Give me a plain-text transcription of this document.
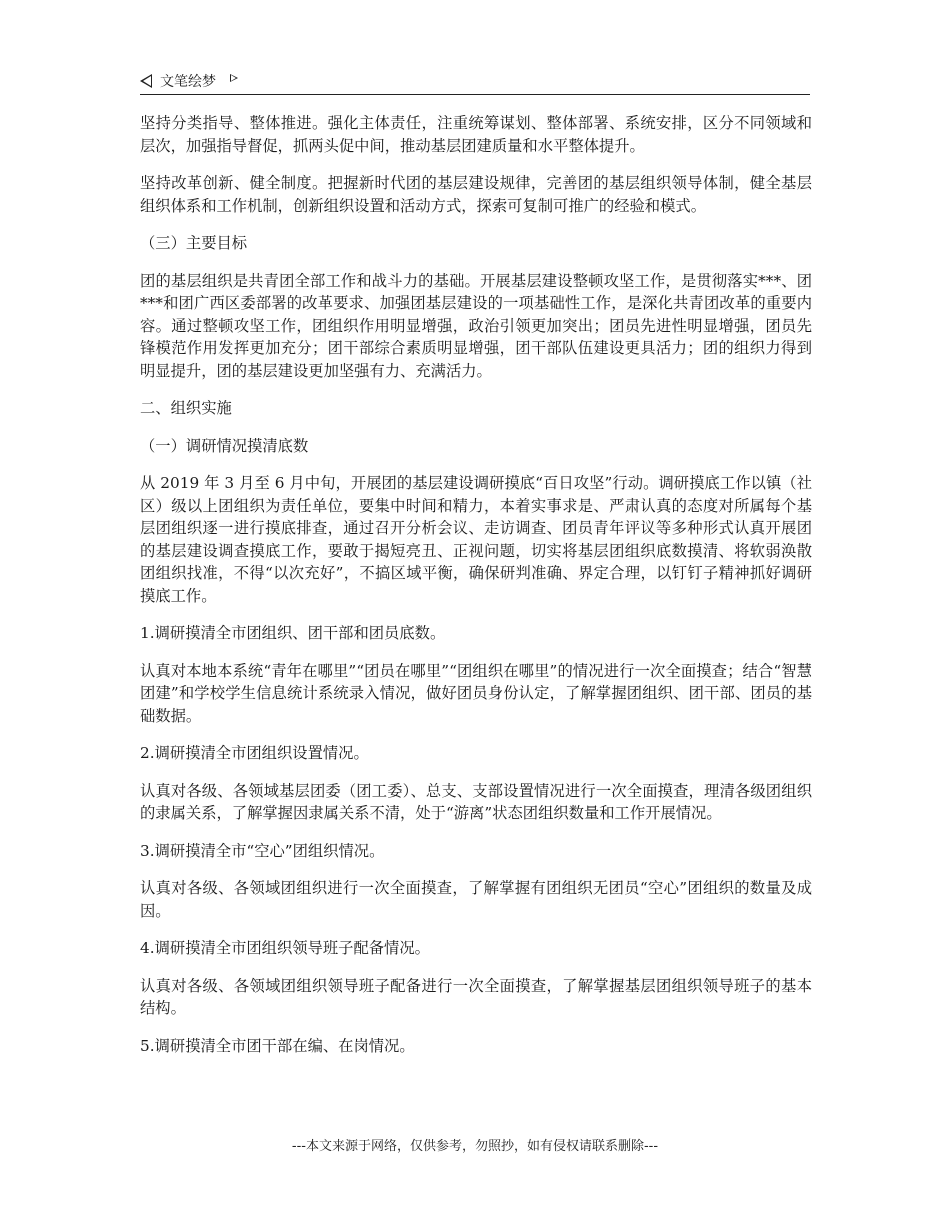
文笔绘梦

坚持分类指导、整体推进。强化主体责任，注重统筹谋划、整体部署、系统安排，区分不同领域和层次，加强指导督促，抓两头促中间，推动基层团建质量和水平整体提升。

坚持改革创新、健全制度。把握新时代团的基层建设规律，完善团的基层组织领导体制，健全基层组织体系和工作机制，创新组织设置和活动方式，探索可复制可推广的经验和模式。

（三）主要目标

团的基层组织是共青团全部工作和战斗力的基础。开展基层建设整顿攻坚工作，是贯彻落实***、团***和团广西区委部署的改革要求、加强团基层建设的一项基础性工作，是深化共青团改革的重要内容。通过整顿攻坚工作，团组织作用明显增强，政治引领更加突出；团员先进性明显增强，团员先锋模范作用发挥更加充分；团干部综合素质明显增强，团干部队伍建设更具活力；团的组织力得到明显提升，团的基层建设更加坚强有力、充满活力。

二、组织实施

（一）调研情况摸清底数

从 2019 年 3 月至 6 月中旬，开展团的基层建设调研摸底“百日攻坚”行动。调研摸底工作以镇（社区）级以上团组织为责任单位，要集中时间和精力，本着实事求是、严肃认真的态度对所属每个基层团组织逐一进行摸底排查，通过召开分析会议、走访调查、团员青年评议等多种形式认真开展团的基层建设调查摸底工作，要敢于揭短亮丑、正视问题，切实将基层团组织底数摸清、将软弱涣散团组织找准，不得“以次充好”，不搞区域平衡，确保研判准确、界定合理，以钉钉子精神抓好调研摸底工作。

1.调研摸清全市团组织、团干部和团员底数。

认真对本地本系统“青年在哪里”“团员在哪里”“团组织在哪里”的情况进行一次全面摸查；结合“智慧团建”和学校学生信息统计系统录入情况，做好团员身份认定，了解掌握团组织、团干部、团员的基础数据。

2.调研摸清全市团组织设置情况。

认真对各级、各领域基层团委（团工委）、总支、支部设置情况进行一次全面摸查，理清各级团组织的隶属关系，了解掌握因隶属关系不清，处于“游离”状态团组织数量和工作开展情况。

3.调研摸清全市“空心”团组织情况。

认真对各级、各领域团组织进行一次全面摸查，了解掌握有团组织无团员“空心”团组织的数量及成因。

4.调研摸清全市团组织领导班子配备情况。

认真对各级、各领域团组织领导班子配备进行一次全面摸查，了解掌握基层团组织领导班子的基本结构。

5.调研摸清全市团干部在编、在岗情况。

---本文来源于网络，仅供参考，勿照抄，如有侵权请联系删除---
